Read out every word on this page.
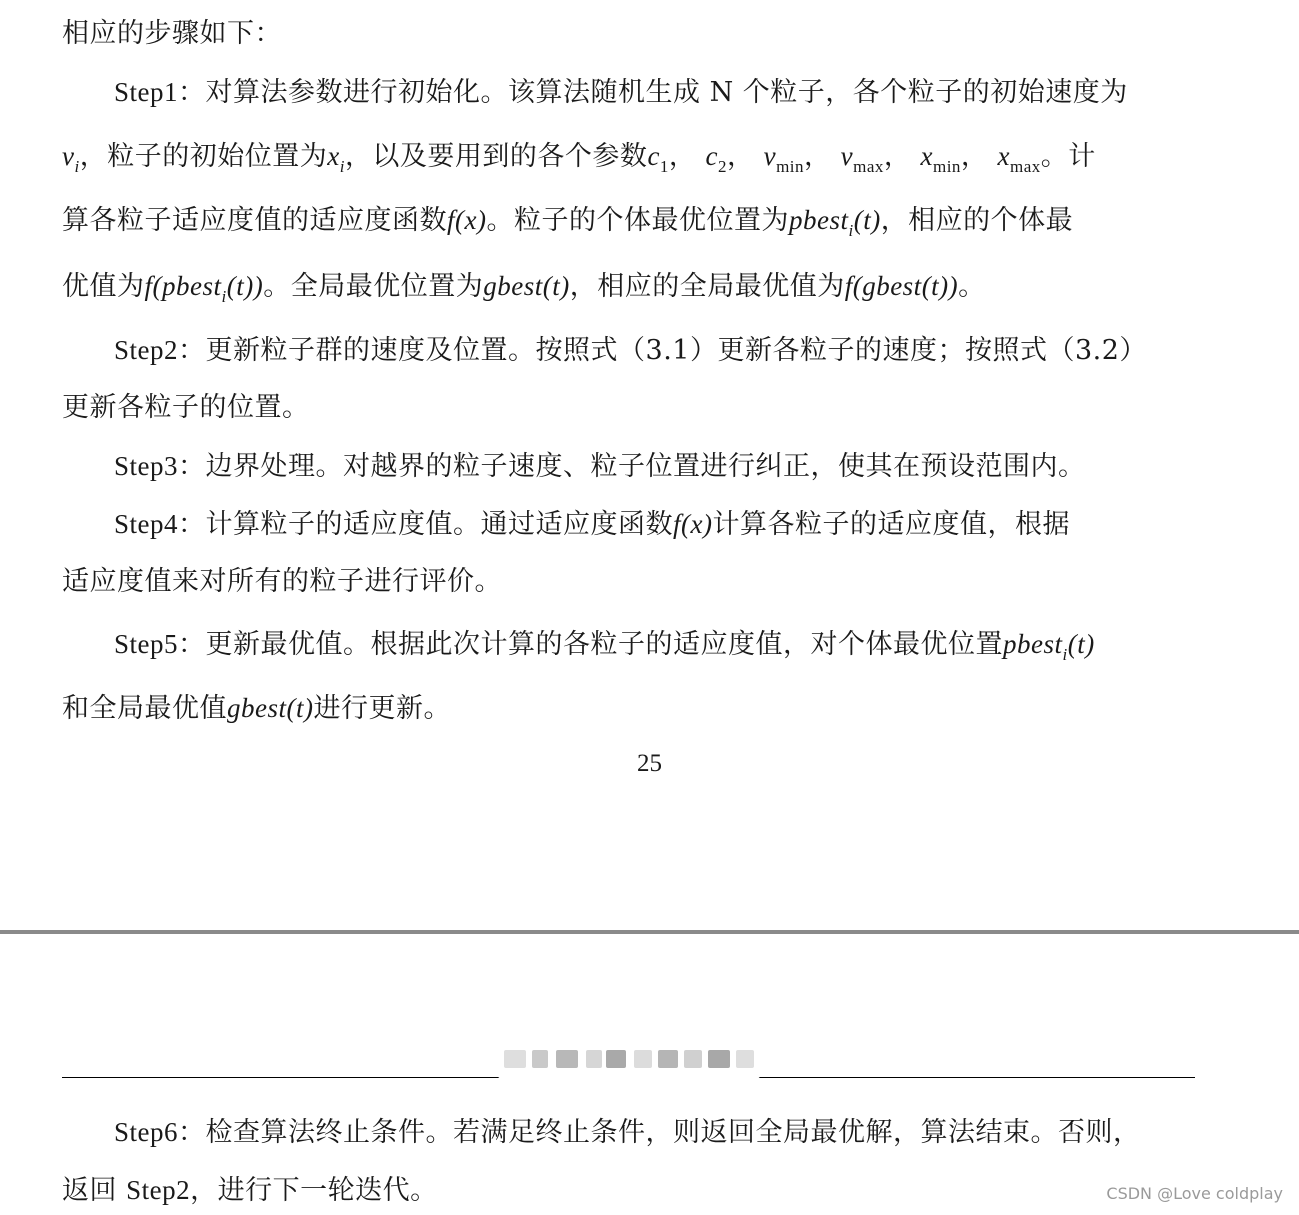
相应的步骤如下：
Step1：对算法参数进行初始化。该算法随机生成 N 个粒子，各个粒子的初始速度为
$v_i$，粒子的初始位置为$x_i$，以及要用到的各个参数$c_1$， $c_2$， $v_{min}$， $v_{max}$， $x_{min}$， $x_{max}$。计
算各粒子适应度值的适应度函数f(x)。粒子的个体最优位置为pbest$_i$(t)，相应的个体最
优值为f(pbest$_i$(t))。全局最优位置为gbest(t)，相应的全局最优值为f(gbest(t))。
Step2：更新粒子群的速度及位置。按照式（3.1）更新各粒子的速度；按照式（3.2）
更新各粒子的位置。
Step3：边界处理。对越界的粒子速度、粒子位置进行纠正，使其在预设范围内。
Step4：计算粒子的适应度值。通过适应度函数f(x)计算各粒子的适应度值，根据
适应度值来对所有的粒子进行评价。
Step5：更新最优值。根据此次计算的各粒子的适应度值，对个体最优位置pbest$_i$(t)
和全局最优值gbest(t)进行更新。
Step6：检查算法终止条件。若满足终止条件，则返回全局最优解，算法结束。否则，
返回 Step2，进行下一轮迭代。
25
CSDN @Love coldplay
